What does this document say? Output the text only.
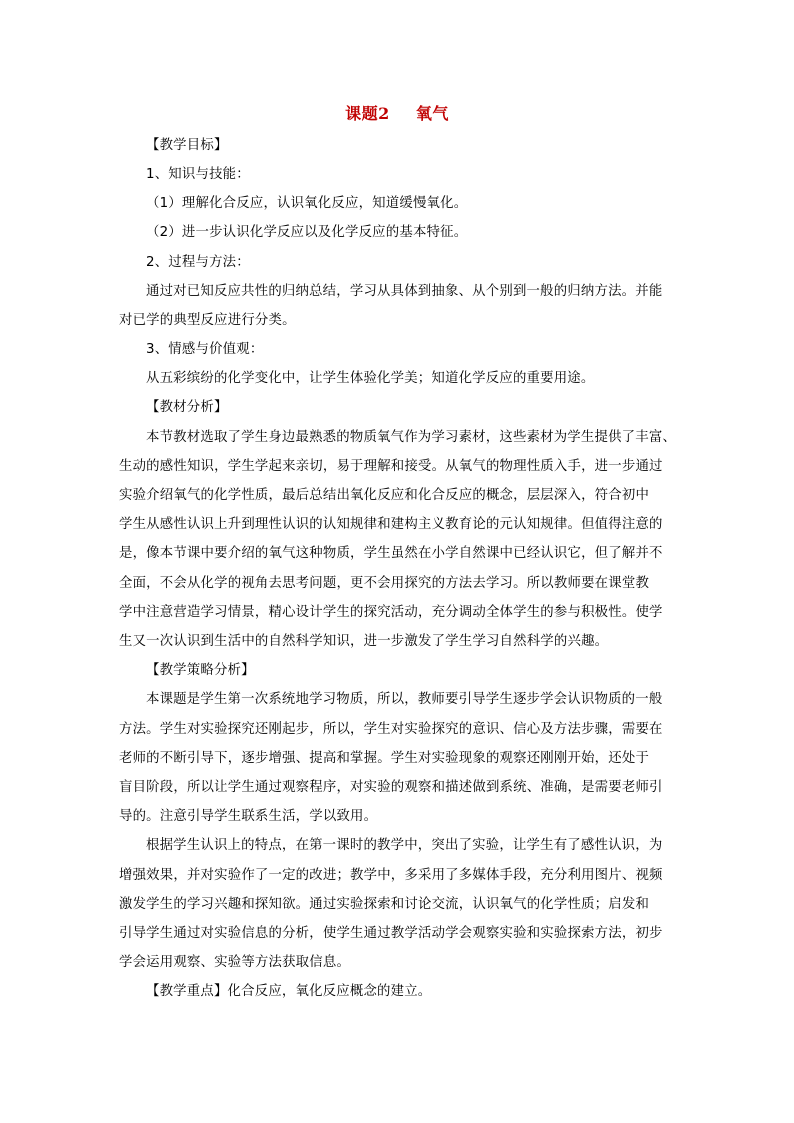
课题2 氧气
【教学目标】
1、知识与技能：
（1）理解化合反应，认识氧化反应，知道缓慢氧化。
（2）进一步认识化学反应以及化学反应的基本特征。
2、过程与方法：
通过对已知反应共性的归纳总结，学习从具体到抽象、从个别到一般的归纳方法。并能
对已学的典型反应进行分类。
3、情感与价值观：
从五彩缤纷的化学变化中，让学生体验化学美；知道化学反应的重要用途。
【教材分析】
本节教材选取了学生身边最熟悉的物质氧气作为学习素材，这些素材为学生提供了丰富、
生动的感性知识，学生学起来亲切，易于理解和接受。从氧气的物理性质入手，进一步通过
实验介绍氧气的化学性质，最后总结出氧化反应和化合反应的概念，层层深入，符合初中
学生从感性认识上升到理性认识的认知规律和建构主义教育论的元认知规律。但值得注意的
是，像本节课中要介绍的氧气这种物质，学生虽然在小学自然课中已经认识它，但了解并不
全面，不会从化学的视角去思考问题，更不会用探究的方法去学习。所以教师要在课堂教
学中注意营造学习情景，精心设计学生的探究活动，充分调动全体学生的参与积极性。使学
生又一次认识到生活中的自然科学知识，进一步激发了学生学习自然科学的兴趣。
【教学策略分析】
本课题是学生第一次系统地学习物质，所以，教师要引导学生逐步学会认识物质的一般
方法。学生对实验探究还刚起步，所以，学生对实验探究的意识、信心及方法步骤，需要在
老师的不断引导下，逐步增强、提高和掌握。学生对实验现象的观察还刚刚开始，还处于
盲目阶段，所以让学生通过观察程序，对实验的观察和描述做到系统、准确，是需要老师引
导的。注意引导学生联系生活，学以致用。
根据学生认识上的特点，在第一课时的教学中，突出了实验，让学生有了感性认识，为
增强效果，并对实验作了一定的改进；教学中，多采用了多媒体手段，充分利用图片、视频
激发学生的学习兴趣和探知欲。通过实验探索和讨论交流，认识氧气的化学性质；启发和
引导学生通过对实验信息的分析，使学生通过教学活动学会观察实验和实验探索方法，初步
学会运用观察、实验等方法获取信息。
【教学重点】化合反应，氧化反应概念的建立。
